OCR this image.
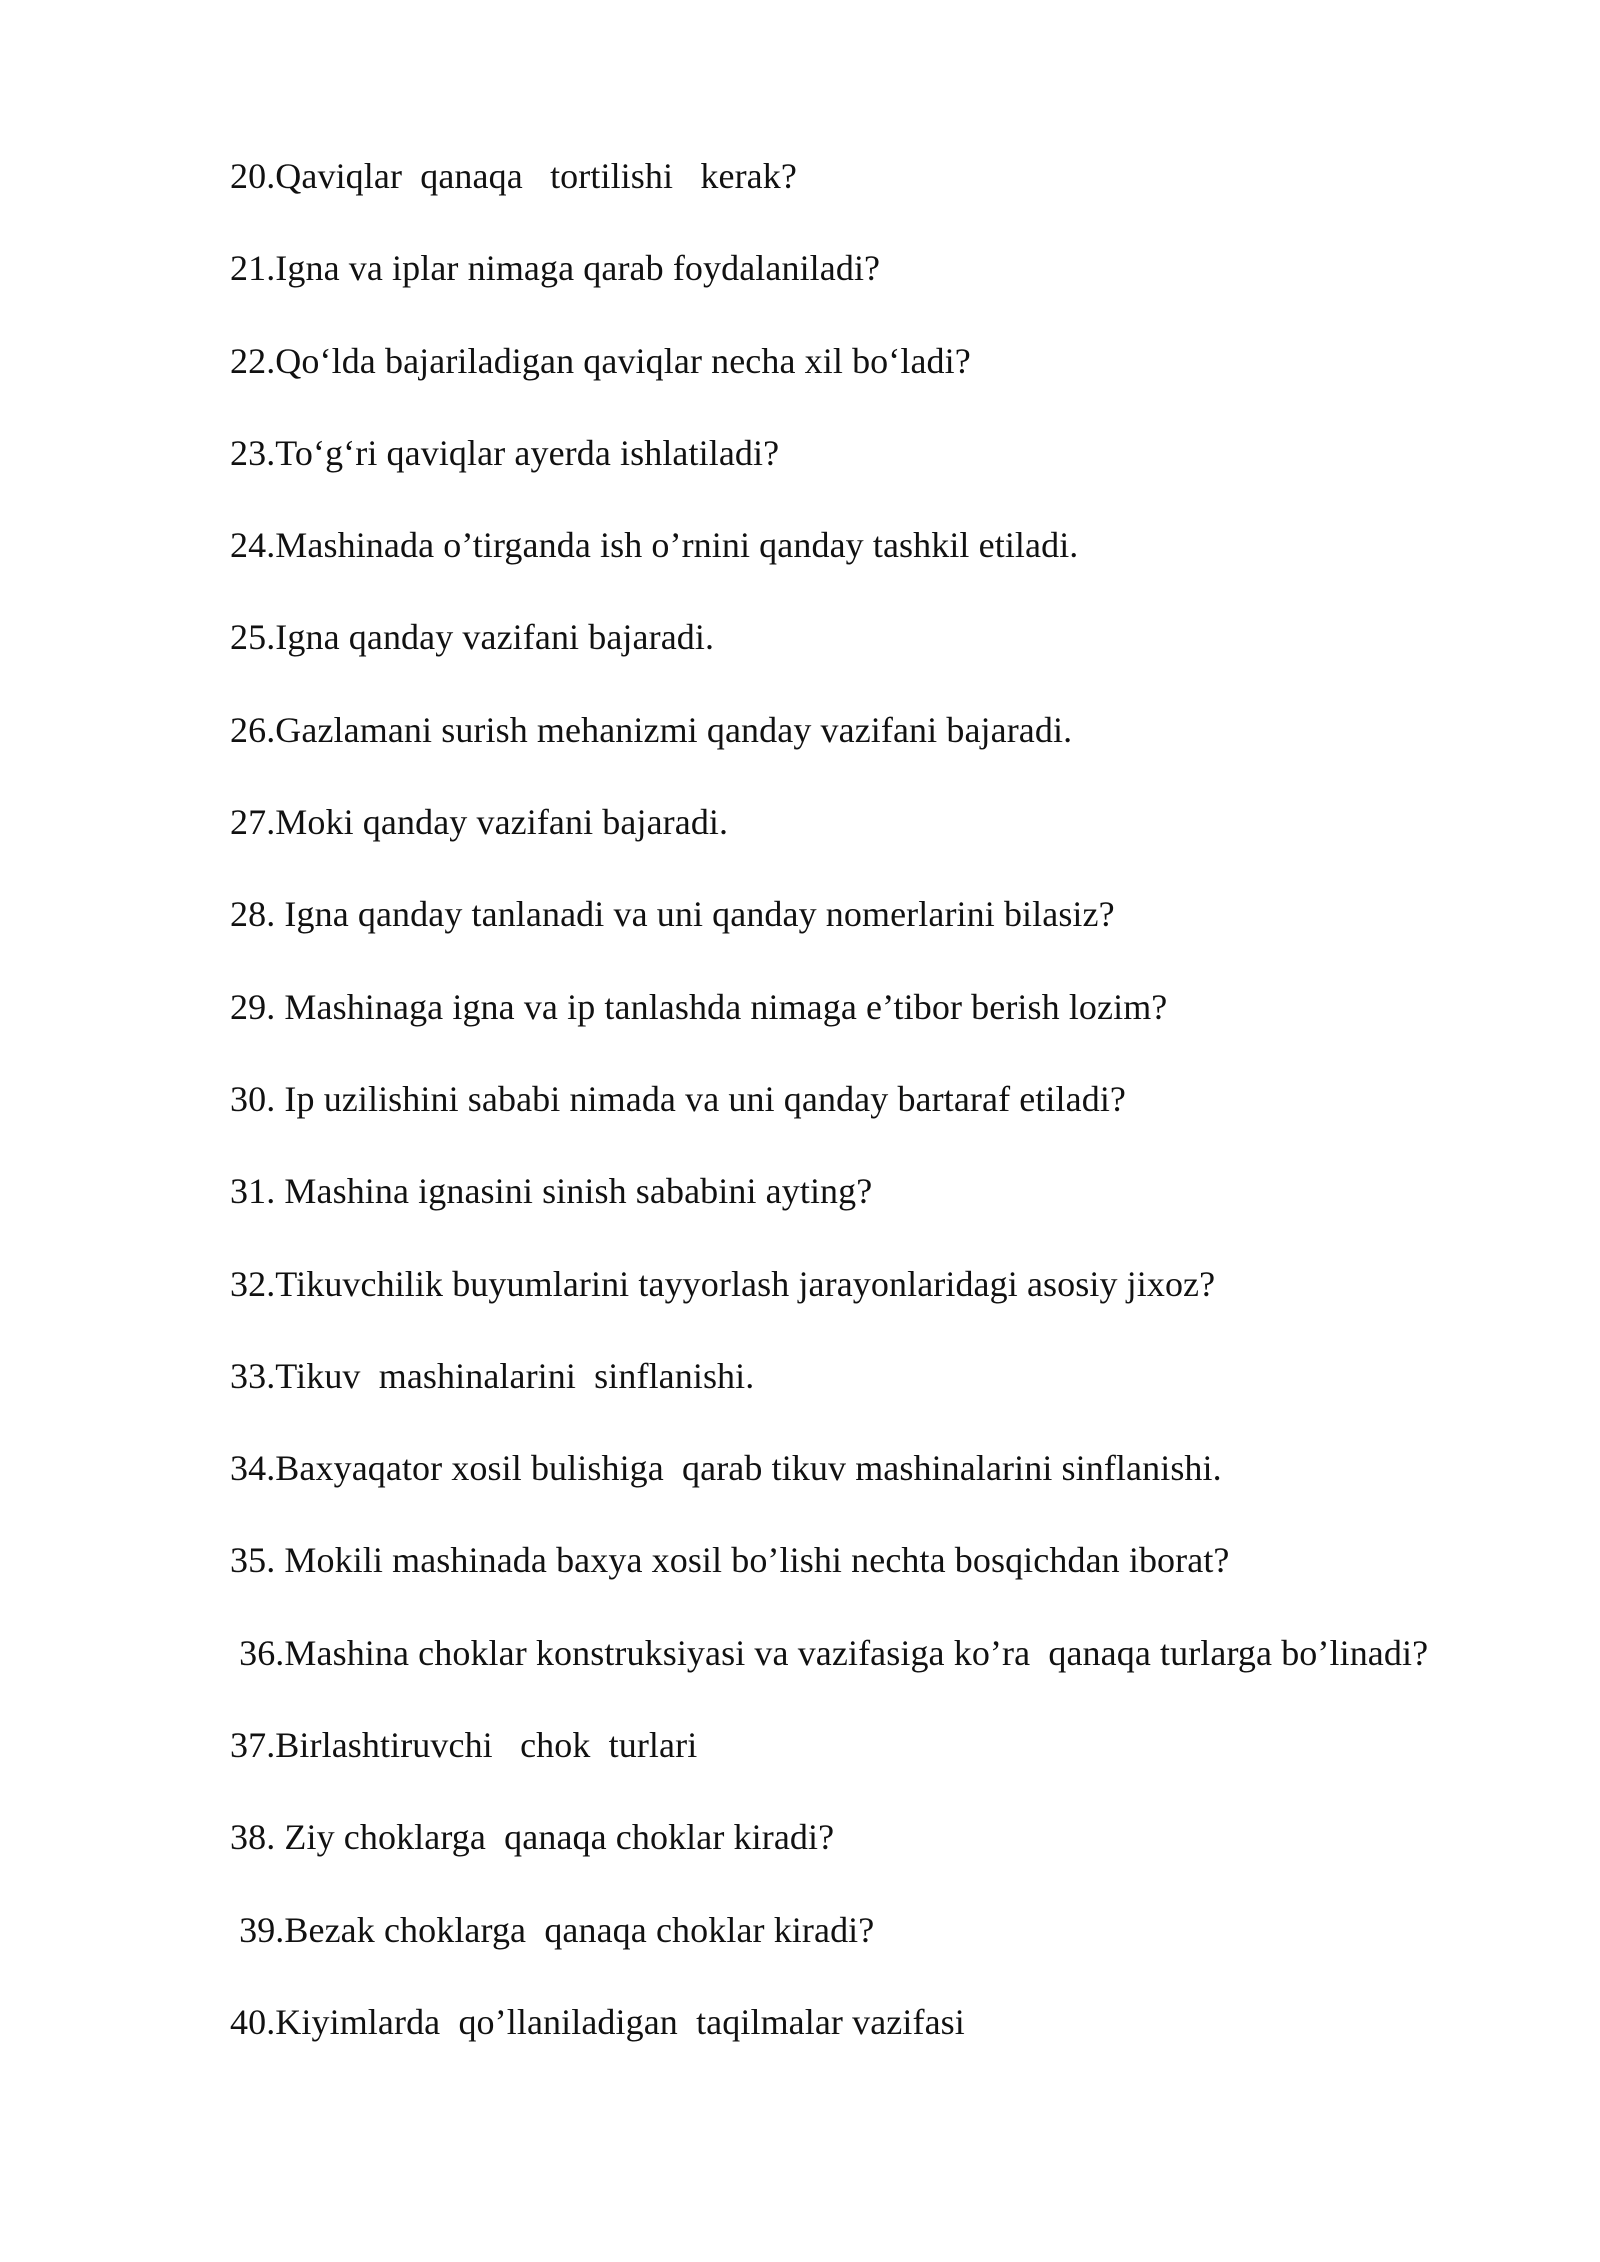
20.Qaviqlar  qanaqa   tortilishi   kerak?
21.Igna va iplar nimaga qarab foydalaniladi?
22.Qo‘lda bajariladigan qaviqlar necha xil bo‘ladi?
23.To‘g‘ri qaviqlar ayerda ishlatiladi?
24.Mashinada o’tirganda ish o’rnini qanday tashkil etiladi.
25.Igna qanday vazifani bajaradi.
26.Gazlamani surish mehanizmi qanday vazifani bajaradi.
27.Moki qanday vazifani bajaradi.
28. Igna qanday tanlanadi va uni qanday nomerlarini bilasiz?
29. Mashinaga igna va ip tanlashda nimaga e’tibor berish lozim?
30. Ip uzilishini sababi nimada va uni qanday bartaraf etiladi?
31. Mashina ignasini sinish sababini ayting?
32.Tikuvchilik buyumlarini tayyorlash jarayonlaridagi asosiy jixoz?
33.Tikuv  mashinalarini  sinflanishi.
34.Baxyaqator xosil bulishiga  qarab tikuv mashinalarini sinflanishi.
35. Mokili mashinada baxya xosil bo’lishi nechta bosqichdan iborat?
36.Mashina choklar konstruksiyasi va vazifasiga ko’ra  qanaqa turlarga bo’linadi?
37.Birlashtiruvchi   chok  turlari
38. Ziy choklarga  qanaqa choklar kiradi?
39.Bezak choklarga  qanaqa choklar kiradi?
40.Kiyimlarda  qo’llaniladigan  taqilmalar vazifasi
